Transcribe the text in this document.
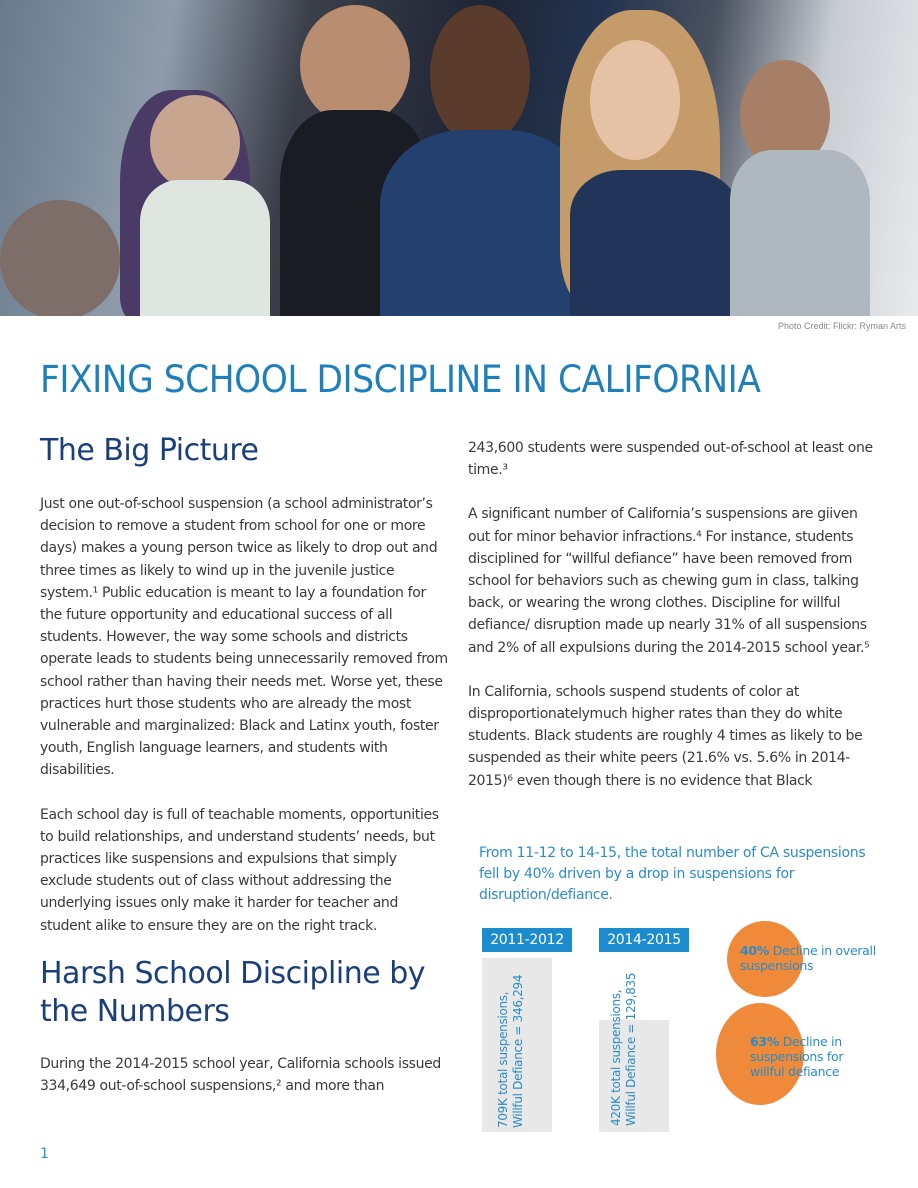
Photo Credit: Flickr: Ryman Arts
FIXING SCHOOL DISCIPLINE IN CALIFORNIA
The Big Picture

Just one out-of-school suspension (a school administrator’s decision to remove a student from school for one or more days) makes a young person twice as likely to drop out and three times as likely to wind up in the juvenile justice system.¹ Public education is meant to lay a foundation for the future opportunity and educational success of all students. However, the way some schools and districts operate leads to students being unnecessarily removed from school rather than having their needs met. Worse yet, these practices hurt those students who are already the most vulnerable and marginalized: Black and Latinx youth, foster youth, English language learners, and students with disabilities.

Each school day is full of teachable moments, opportunities to build relationships, and understand students’ needs, but practices like suspensions and expulsions that simply exclude students out of class without addressing the underlying issues only make it harder for teacher and student alike to ensure they are on the right track.

Harsh School Discipline by the Numbers

During the 2014-2015 school year, California schools issued 334,649 out-of-school suspensions,² and more than

243,600 students were suspended out-of-school at least one time.³

A significant number of California’s suspensions are giiven out for minor behavior infractions.⁴ For instance, students disciplined for “willful defiance” have been removed from school for behaviors such as chewing gum in class, talking back, or wearing the wrong clothes. Discipline for willful defiance/ disruption made up nearly 31% of all suspensions and 2% of all expulsions during the 2014-2015 school year.⁵

In California, schools suspend students of color at disproportionatelymuch higher rates than they do white students. Black students are roughly 4 times as likely to be suspended as their white peers (21.6% vs. 5.6% in 2014-2015)⁶ even though there is no evidence that Black

From 11-12 to 14-15, the total number of CA suspensions fell by 40% driven by a drop in suspensions for disruption/defiance.
2011-2012	2014-2015
709K total suspensions, Willful Defiance = 346,294	420K total suspensions, Willful Defiance = 129,835
40% Decline in overall suspensions
63% Decline in suspensions for willful defiance
1
